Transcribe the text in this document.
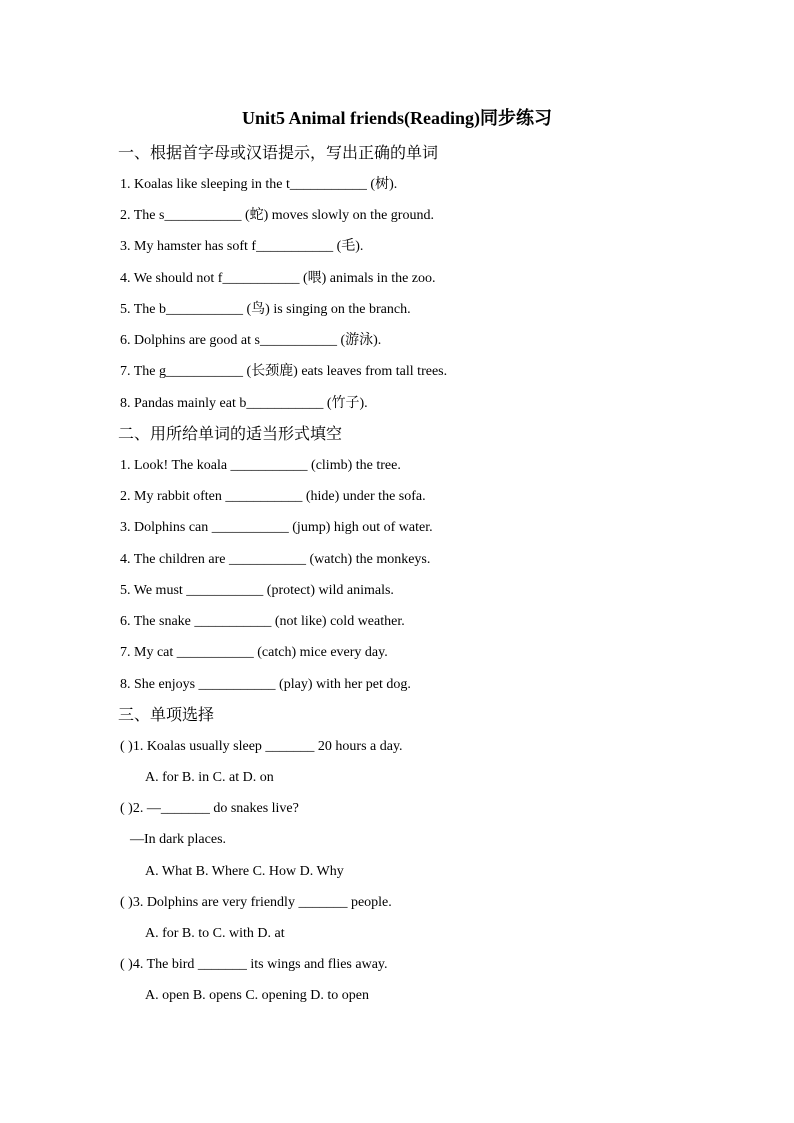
Unit5 Animal friends(Reading)同步练习
一、根据首字母或汉语提示，写出正确的单词
1. Koalas like sleeping in the t___________ (树).
2. The s___________ (蛇) moves slowly on the ground.
3. My hamster has soft f___________ (毛).
4. We should not f___________ (喂) animals in the zoo.
5. The b___________ (鸟) is singing on the branch.
6. Dolphins are good at s___________ (游泳).
7. The g___________ (长颈鹿) eats leaves from tall trees.
8. Pandas mainly eat b___________ (竹子).
二、用所给单词的适当形式填空
1. Look! The koala ___________ (climb) the tree.
2. My rabbit often ___________ (hide) under the sofa.
3. Dolphins can ___________ (jump) high out of water.
4. The children are ___________ (watch) the monkeys.
5. We must ___________ (protect) wild animals.
6. The snake ___________ (not like) cold weather.
7. My cat ___________ (catch) mice every day.
8. She enjoys ___________ (play) with her pet dog.
三、单项选择
( )1. Koalas usually sleep _______ 20 hours a day.
A. for B. in C. at D. on
( )2. —_______ do snakes live?
—In dark places.
A. What B. Where C. How D. Why
( )3. Dolphins are very friendly _______ people.
A. for B. to C. with D. at
( )4. The bird _______ its wings and flies away.
A. open B. opens C. opening D. to open
